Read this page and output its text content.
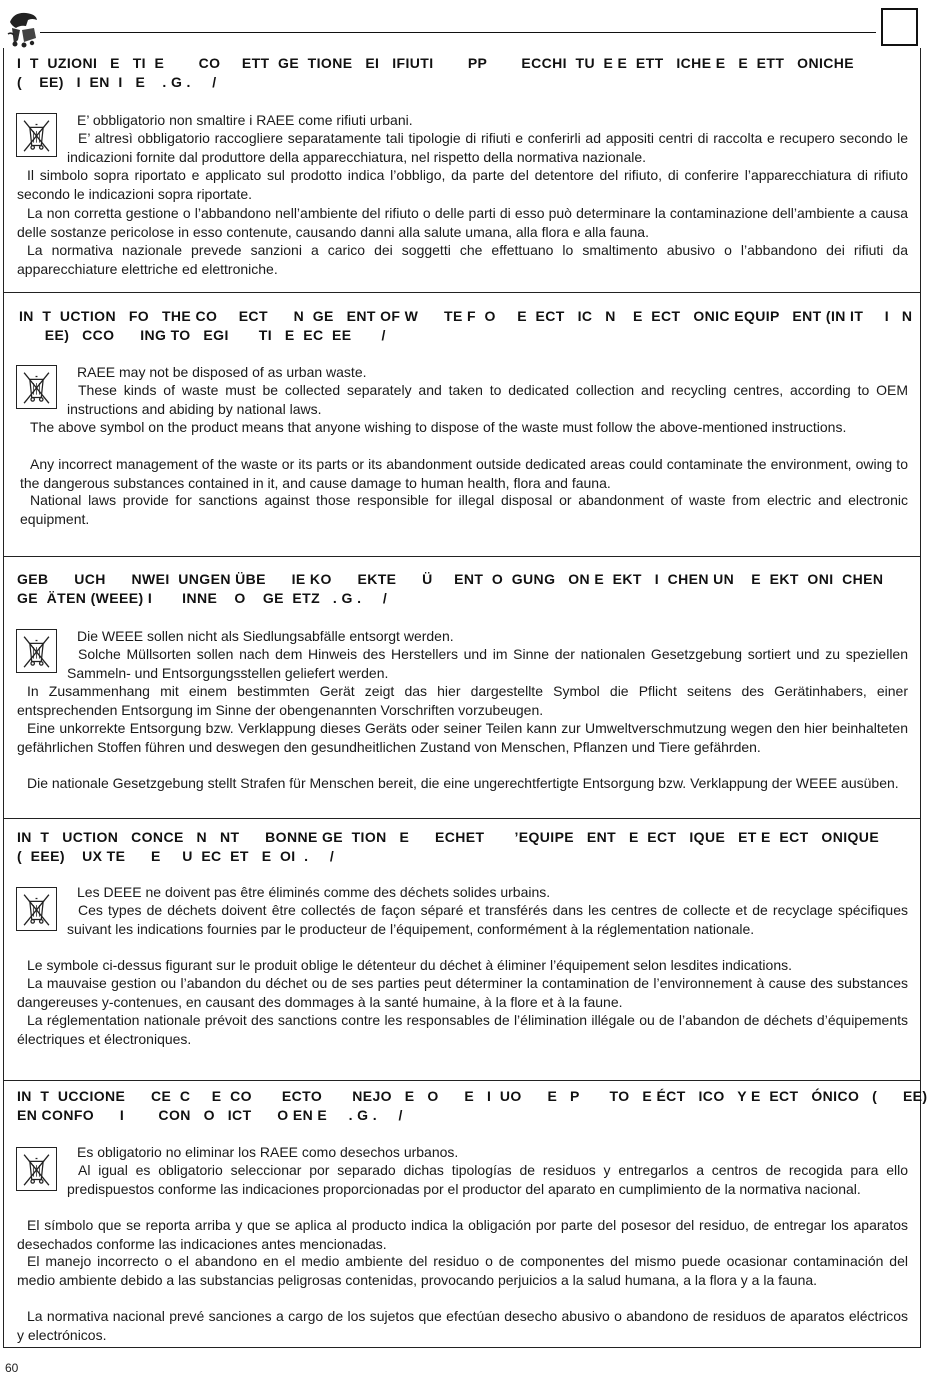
I  T  UZIONI   E   TI  E        CO     ETT  GE  TIONE   EI   IFIUTI        PP        ECCHI  TU  E E  ETT   ICHE E   E  ETT   ONICHE
(    EE)   I  EN  I   E    . G .     /

E’ obbligatorio non smaltire i RAEE come rifiuti urbani.

E’ altresì obbligatorio raccogliere separatamente tali tipologie di rifiuti e conferirli ad appositi centri di raccolta e recupero secondo le indicazioni fornite dal produttore della apparecchiatura, nel rispetto della normativa nazionale.

Il simbolo sopra riportato e applicato sul prodotto indica l’obbligo, da parte del detentore del rifiuto, di conferire l’apparecchiatura di rifiuto secondo le indicazioni sopra riportate.

La non corretta gestione o l’abbandono nell’ambiente del rifiuto o delle parti di esso può determinare la contaminazione dell’ambiente a causa delle sostanze pericolose in esso contenute, causando danni alla salute umana, alla flora e alla fauna.

La normativa nazionale prevede sanzioni a carico dei soggetti che effettuano lo smaltimento abusivo o l’abbandono dei rifiuti da apparecchiature elettriche ed elettroniche.

IN  T  UCTION   FO   THE CO     ECT      N  GE   ENT OF W      TE F  O     E  ECT   IC   N    E  ECT   ONIC EQUIP   ENT (IN IT     I   N
EE)   CCO      ING TO   EGI       TI   E  EC  EE       /

RAEE may not be disposed of as urban waste.

These kinds of waste must be collected separately and taken to dedicated collection and recycling centres, according to OEM instructions and abiding by national laws.

The above symbol on the product means that anyone wishing to dispose of the waste must follow the above-mentioned instructions.

Any incorrect management of the waste or its parts or its abandonment outside dedicated areas could contaminate the environment, owing to the dangerous substances contained in it, and cause damage to human health, flora and fauna.

National laws provide for sanctions against those responsible for illegal disposal or abandonment of waste from electric and electronic equipment.

GEB      UCH      NWEI  UNGEN ÜBE      IE KO      EKTE      Ü     ENT  O  GUNG   ON E  EKT   I  CHEN UN    E  EKT  ONI  CHEN
GE  ÄTEN (WEEE) I       INNE    O    GE  ETZ   . G .     /

Die WEEE sollen nicht als Siedlungsabfälle entsorgt werden.

Solche Müllsorten sollen nach dem Hinweis des Herstellers und im Sinne der nationalen Gesetzgebung sortiert und zu speziellen Sammeln- und Entsorgungsstellen geliefert werden.

In Zusammenhang mit einem bestimmten Gerät zeigt das hier dargestellte Symbol die Pflicht seitens des Gerätinhabers, einer entsprechenden Entsorgung im Sinne der obengenannten Vorschriften vorzubeugen.

Eine unkorrekte Entsorgung bzw. Verklappung dieses Geräts oder seiner Teilen kann zur Umweltverschmutzung wegen den hier beinhalteten gefährlichen Stoffen führen und deswegen den gesundheitlichen Zustand von Menschen, Pflanzen und Tiere gefährden.

Die nationale Gesetzgebung stellt Strafen für Menschen bereit, die eine ungerechtfertigte Entsorgung bzw. Verklappung der WEEE ausüben.

IN  T   UCTION   CONCE   N   NT      BONNE GE  TION   E      ECHET       ’EQUIPE   ENT   E  ECT   IQUE   ET E  ECT   ONIQUE
(  EEE)    UX TE      E     U  EC  ET   E  OI  .     /

Les DEEE ne doivent pas être éliminés comme des déchets solides urbains.

Ces types de déchets doivent être collectés de façon séparé et transférés dans les centres de collecte et de recyclage spécifiques suivant les indications fournies par le producteur de l’équipement, conformément à la réglementation nationale.

Le symbole ci-dessus figurant sur le produit oblige le détenteur du déchet à éliminer l’équipement selon lesdites indications.

La mauvaise gestion ou l’abandon du déchet ou de ses parties peut déterminer la contamination de l’environnement à cause des substances dangereuses y-contenues, en causant des dommages à la santé humaine, à la flore et à la faune.

La réglementation nationale prévoit des sanctions contre les responsables de l’élimination illégale ou de l’abandon de déchets d’équipements électriques et électroniques.

IN  T  UCCIONE      CE  C     E  CO       ECTO       NEJO   E   O      E   I  UO      E   P       TO   E ÉCT   ICO   Y E  ECT   ÓNICO   (      EE)
EN CONFO      I        CON   O   ICT      O EN E     . G .     /

Es obligatorio no eliminar los RAEE como desechos urbanos.

Al igual es obligatorio seleccionar por separado dichas tipologías de residuos y entregarlos a centros de recogida para ello predispuestos conforme las indicaciones proporcionadas por el productor del aparato en cumplimiento de la normativa nacional.

El símbolo que se reporta arriba y que se aplica al producto indica la obligación por parte del posesor del residuo, de entregar los aparatos desechados conforme las indicaciones antes mencionadas.

El manejo incorrecto o el abandono en el medio ambiente del residuo o de componentes del mismo puede ocasionar contaminación del medio ambiente debido a las substancias peligrosas contenidas, provocando perjuicios a la salud humana, a la flora y a la fauna.

La normativa nacional prevé sanciones a cargo de los sujetos que efectúan desecho abusivo o abandono de residuos de aparatos eléctricos y electrónicos.

60
